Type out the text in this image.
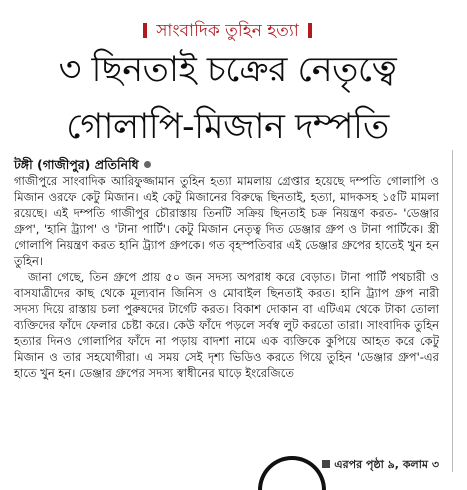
সাংবাদিক তুহিন হত্যা
৩ ছিনতাই চক্রের নেতৃত্বে
গোলাপি-মিজান দম্পতি
টঙ্গী (গাজীপুর) প্রতিনিধি

গাজীপুরে সাংবাদিক আরিফুজ্জামান তুহিন হত্যা মামলায় গ্রেপ্তার হয়েছে দম্পতি গোলাপি ও মিজান ওরফে কেটু মিজান। এই কেটু মিজানের বিরুদ্ধে ছিনতাই, হত্যা, মাদকসহ ১৫টি মামলা রয়েছে। এই দম্পতি গাজীপুর চৌরাস্তায় তিনটি সক্রিয় ছিনতাই চক্র নিয়ন্ত্রণ করত- 'ডেঞ্জার গ্রুপ', 'হানি ট্র্যাপ' ও 'টানা পার্টি'। কেটু মিজান নেতৃত্ব দিত ডেঞ্জার গ্রুপ ও টানা পার্টিকে। স্ত্রী গোলাপি নিয়ন্ত্রণ করত হানি ট্র্যাপ গ্রুপকে। গত বৃহস্পতিবার এই ডেঞ্জার গ্রুপের হাতেই খুন হন তুহিন।

জানা গেছে, তিন গ্রুপে প্রায় ৫০ জন সদস্য অপরাধ করে বেড়াত। টানা পার্টি পথচারী ও বাসযাত্রীদের কাছ থেকে মূল্যবান জিনিস ও মোবাইল ছিনতাই করত। হানি ট্র্যাপ গ্রুপ নারী সদস্য দিয়ে রাস্তায় চলা পুরুষদের টার্গেট করত। বিকাশ দোকান বা এটিএম থেকে টাকা তোলা ব্যক্তিদের ফাঁদে ফেলার চেষ্টা করে। কেউ ফাঁদে পড়লে সর্বস্ব লুট করতো তারা। সাংবাদিক তুহিন হত্যার দিনও গোলাপির ফাঁদে না পড়ায় বাদশা নামে এক ব্যক্তিকে কুপিয়ে আহত করে কেটু মিজান ও তার সহযোগীরা। এ সময় সেই দৃশ্য ভিডিও করতে গিয়ে তুহিন 'ডেঞ্জার গ্রুপ'-এর হাতে খুন হন। ডেঞ্জার গ্রুপের সদস্য স্বাধীনের ঘাড়ে ইংরেজিতে

এরপর পৃষ্ঠা ৯, কলাম ৩
